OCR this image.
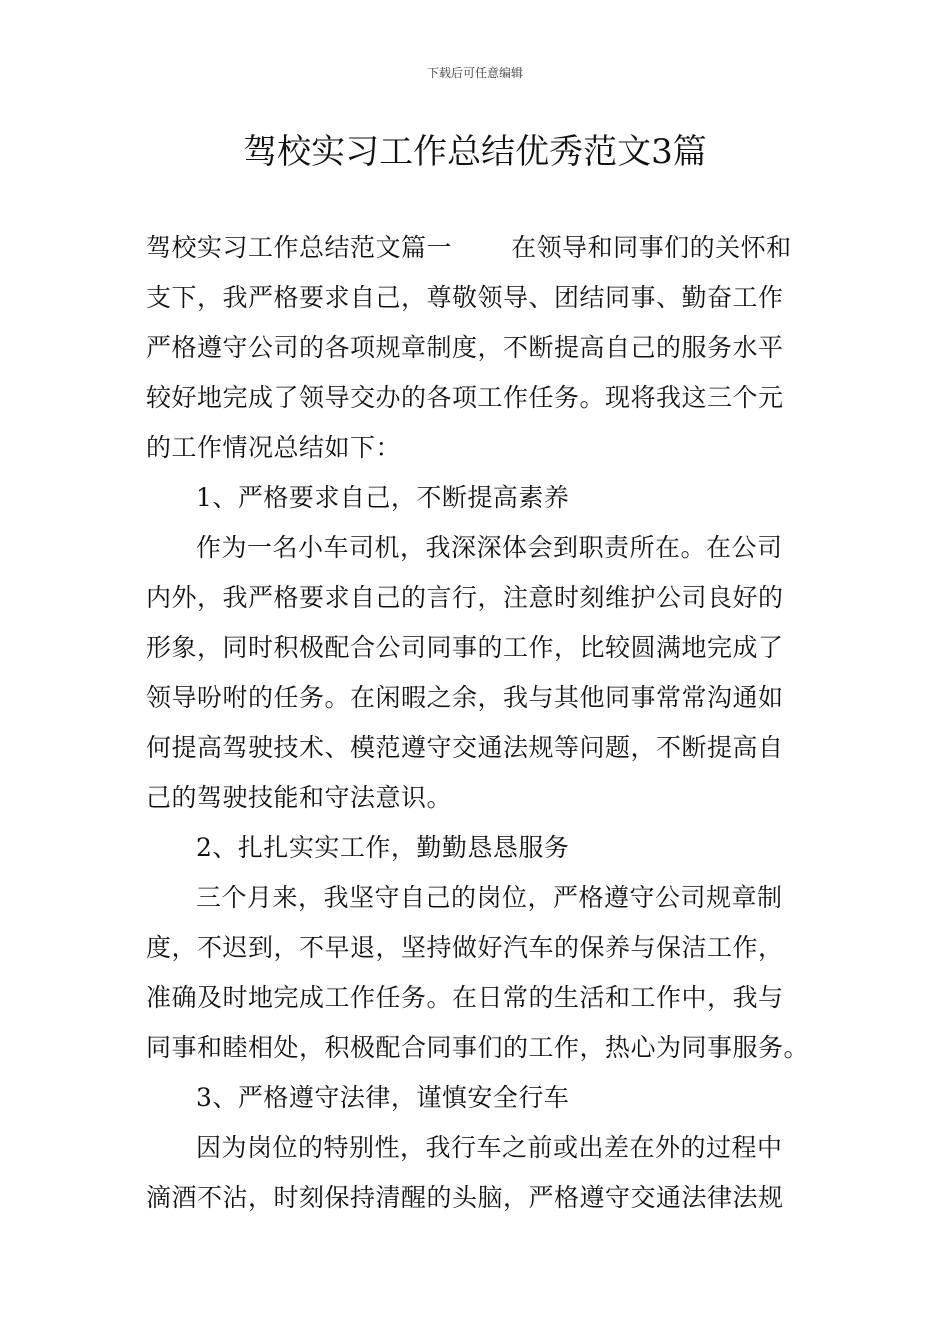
下载后可任意编辑
驾校实习工作总结优秀范文3篇
驾校实习工作总结范文篇一       在领导和同事们的关怀和
支下，我严格要求自己，尊敬领导、团结同事、勤奋工作
严格遵守公司的各项规章制度，不断提高自己的服务水平
较好地完成了领导交办的各项工作任务。现将我这三个元
的工作情况总结如下：
1、严格要求自己，不断提高素养
作为一名小车司机，我深深体会到职责所在。在公司
内外，我严格要求自己的言行，注意时刻维护公司良好的
形象，同时积极配合公司同事的工作，比较圆满地完成了
领导吩咐的任务。在闲暇之余，我与其他同事常常沟通如
何提高驾驶技术、模范遵守交通法规等问题，不断提高自
己的驾驶技能和守法意识。
2、扎扎实实工作，勤勤恳恳服务
三个月来，我坚守自己的岗位，严格遵守公司规章制
度，不迟到，不早退，坚持做好汽车的保养与保洁工作，
准确及时地完成工作任务。在日常的生活和工作中，我与
同事和睦相处，积极配合同事们的工作，热心为同事服务。
3、严格遵守法律，谨慎安全行车
因为岗位的特别性，我行车之前或出差在外的过程中
滴酒不沾，时刻保持清醒的头脑，严格遵守交通法律法规
